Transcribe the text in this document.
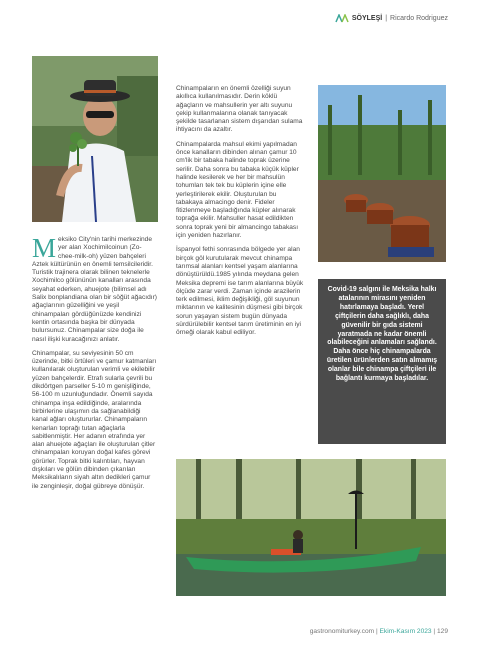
SÖYLEŞİ | Ricardo Rodriguez

Meksiko City'nin tarihi merkezinde yer alan Xochimilcoinun (Zo-chee-milk-oh) yüzen bahçeleri Aztek kültürünün en önemli temsilcileridir. Turistik trajinera olarak bilinen teknelerle Xochimilco gölününün kanalları arasında seyahat ederken, ahuejote (bilimsel adı Salix bonplandiana olan bir söğüt ağacıdır) ağaçlarının güzelliğini ve yeşil chinampaları gördüğünüzde kendinizi kentin ortasında başka bir dünyada bulursunuz. Chinampalar size doğa ile nasıl ilişki kuracağınızı anlatır.

Chinampalar, su seviyesinin 50 cm üzerinde, bitki örtüleri ve çamur katmanları kullanılarak oluşturulan verimli ve ekilebilir yüzen bahçelerdir. Etrafı sularla çevrili bu dikdörtgen parseller 5-10 m genişliğinde, 56-100 m uzunluğundadır. Önemli sayıda chinampa inşa edildiğinde, aralarında birbirlerine ulaşımın da sağlanabildiği kanal ağları oluştururlar. Chinampaların kenarları toprağı tutan ağaçlarla sabitlenmiştir. Her adanın etrafında yer alan ahuejote ağaçları ile oluşturulan çitler chinampaları koruyan doğal kafes görevi görürler. Toprak bitki kalıntıları, hayvan dışkıları ve gölün dibinden çıkarılan Meksikalıların siyah altın dedikleri çamur ile zenginleşir, doğal gübreye dönüşür.

Chinampaların en önemli özelliği suyun akıllıca kullanılmasıdır. Derin köklü ağaçların ve mahsullerin yer altı suyunu çekip kullanmalarına olanak tanıyacak şekilde tasarlanan sistem dışarıdan sulama ihtiyacını da azaltır.

Chinampalarda mahsul ekimi yapılmadan önce kanalların dibinden alınan çamur 10 cm'lik bir tabaka halinde toprak üzerine serilir. Daha sonra bu tabaka küçük küpler halinde kesilerek ve her bir mahsulün tohumları tek tek bu küplerin içine elle yerleştirilerek ekilir. Oluşturulan bu tabakaya almacingo denir. Fideler fitizlenmeye başladığında küpler alınarak toprağa ekilir. Mahsuller hasat edildikten sonra toprak yeni bir almancingo tabakası için yeniden hazırlanır.

İspanyol fethi sonrasında bölgede yer alan birçok göl kurutularak mevcut chinampa tarımsal alanları kentsel yaşam alanlarına dönüştürüldü.1985 yılında meydana gelen Meksika depremi ise tarım alanlarına büyük ölçüde zarar verdi. Zaman içinde arazilerin terk edilmesi, iklim değişikliği, göl suyunun miktarının ve kalitesinin düşmesi gibi birçok sorun yaşayan sistem bugün dünyada sürdürülebilir kentsel tarım üretiminin en iyi örneği olarak kabul ediliyor.

Covid-19 salgını ile Meksika halkı atalarının mirasını yeniden hatırlamaya başladı. Yerel çiftçilerin daha sağlıklı, daha güvenilir bir gıda sistemi yaratmada ne kadar önemli olabileceğini anlamaları sağlandı. Daha önce hiç chinampalarda üretilen ürünlerden satın almamış olanlar bile chinampa çiftçileri ile bağlantı kurmaya başladılar.
gastronomiturkey.com | Ekim-Kasım 2023 | 129
